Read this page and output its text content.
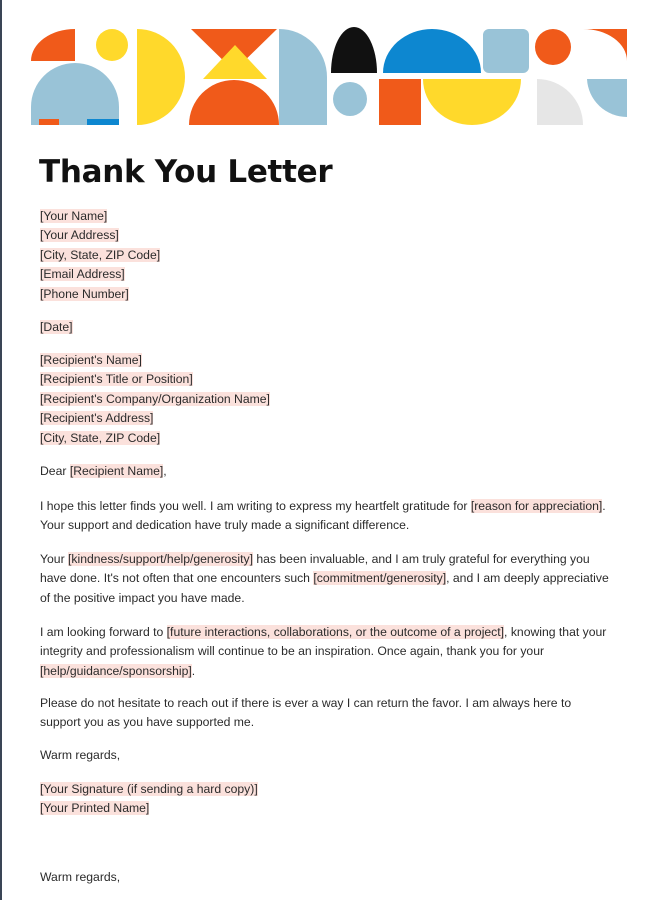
Thank You Letter

[Your Name]

[Your Address]

[City, State, ZIP Code]

[Email Address]

[Phone Number]

[Date]

[Recipient's Name]

[Recipient's Title or Position]

[Recipient's Company/Organization Name]

[Recipient's Address]

[City, State, ZIP Code]

Dear [Recipient Name],

I hope this letter finds you well. I am writing to express my heartfelt gratitude for [reason for appreciation]. Your support and dedication have truly made a significant difference.

Your [kindness/support/help/generosity] has been invaluable, and I am truly grateful for everything you have done. It's not often that one encounters such [commitment/generosity], and I am deeply appreciative of the positive impact you have made.

I am looking forward to [future interactions, collaborations, or the outcome of a project], knowing that your integrity and professionalism will continue to be an inspiration. Once again, thank you for your [help/guidance/sponsorship].

Please do not hesitate to reach out if there is ever a way I can return the favor. I am always here to support you as you have supported me.

Warm regards,

[Your Signature (if sending a hard copy)]

[Your Printed Name]

Warm regards,
